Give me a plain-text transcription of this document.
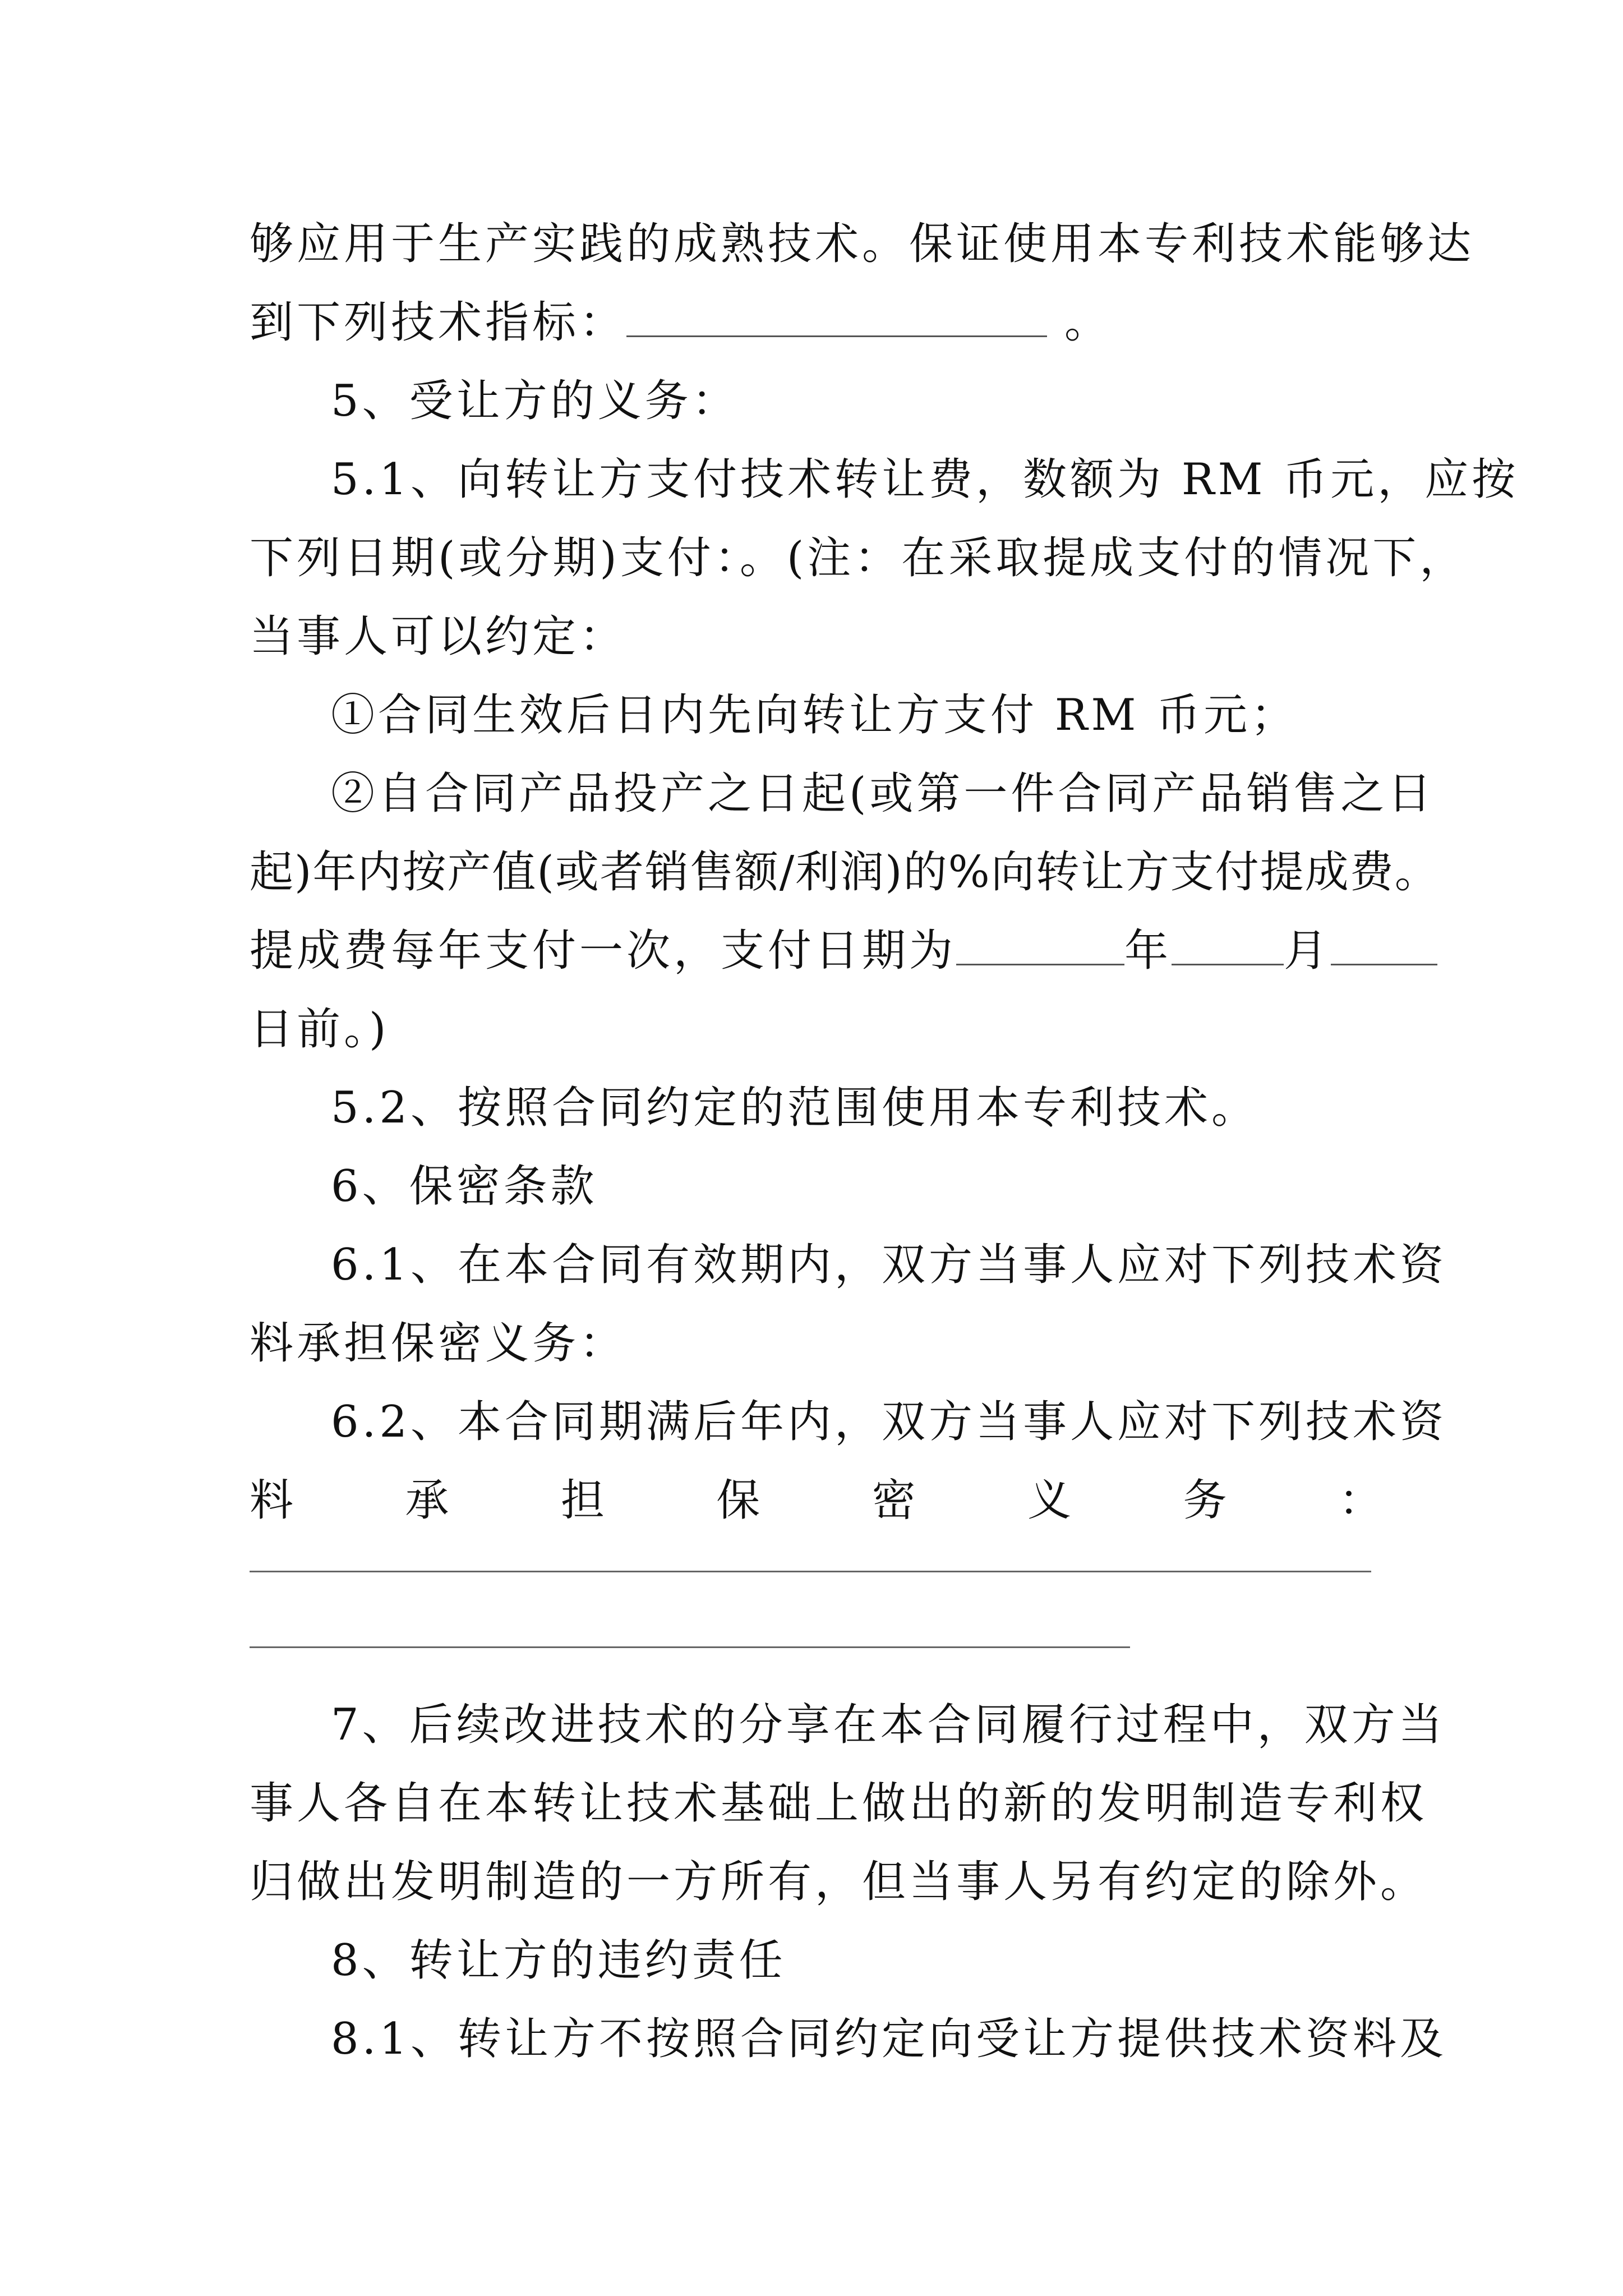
够应用于生产实践的成熟技术。保证使用本专利技术能够达
到下列技术指标：	。
5、受让方的义务：
5.1、向转让方支付技术转让费，数额为 RM 币元，应按
下列日期(或分期)支付：。(注：在采取提成支付的情况下，
当事人可以约定：
①合同生效后日内先向转让方支付 RM 币元；
②自合同产品投产之日起(或第一件合同产品销售之日
起)年内按产值(或者销售额/利润)的%向转让方支付提成费。
提成费每年支付一次，支付日期为	年	月
日前。)
5.2、按照合同约定的范围使用本专利技术。
6、保密条款
6.1、在本合同有效期内，双方当事人应对下列技术资
料承担保密义务：
6.2、本合同期满后年内，双方当事人应对下列技术资
料	承	担	保	密	义	务	：
7、后续改进技术的分享在本合同履行过程中，双方当
事人各自在本转让技术基础上做出的新的发明制造专利权
归做出发明制造的一方所有，但当事人另有约定的除外。
8、转让方的违约责任
8.1、转让方不按照合同约定向受让方提供技术资料及
